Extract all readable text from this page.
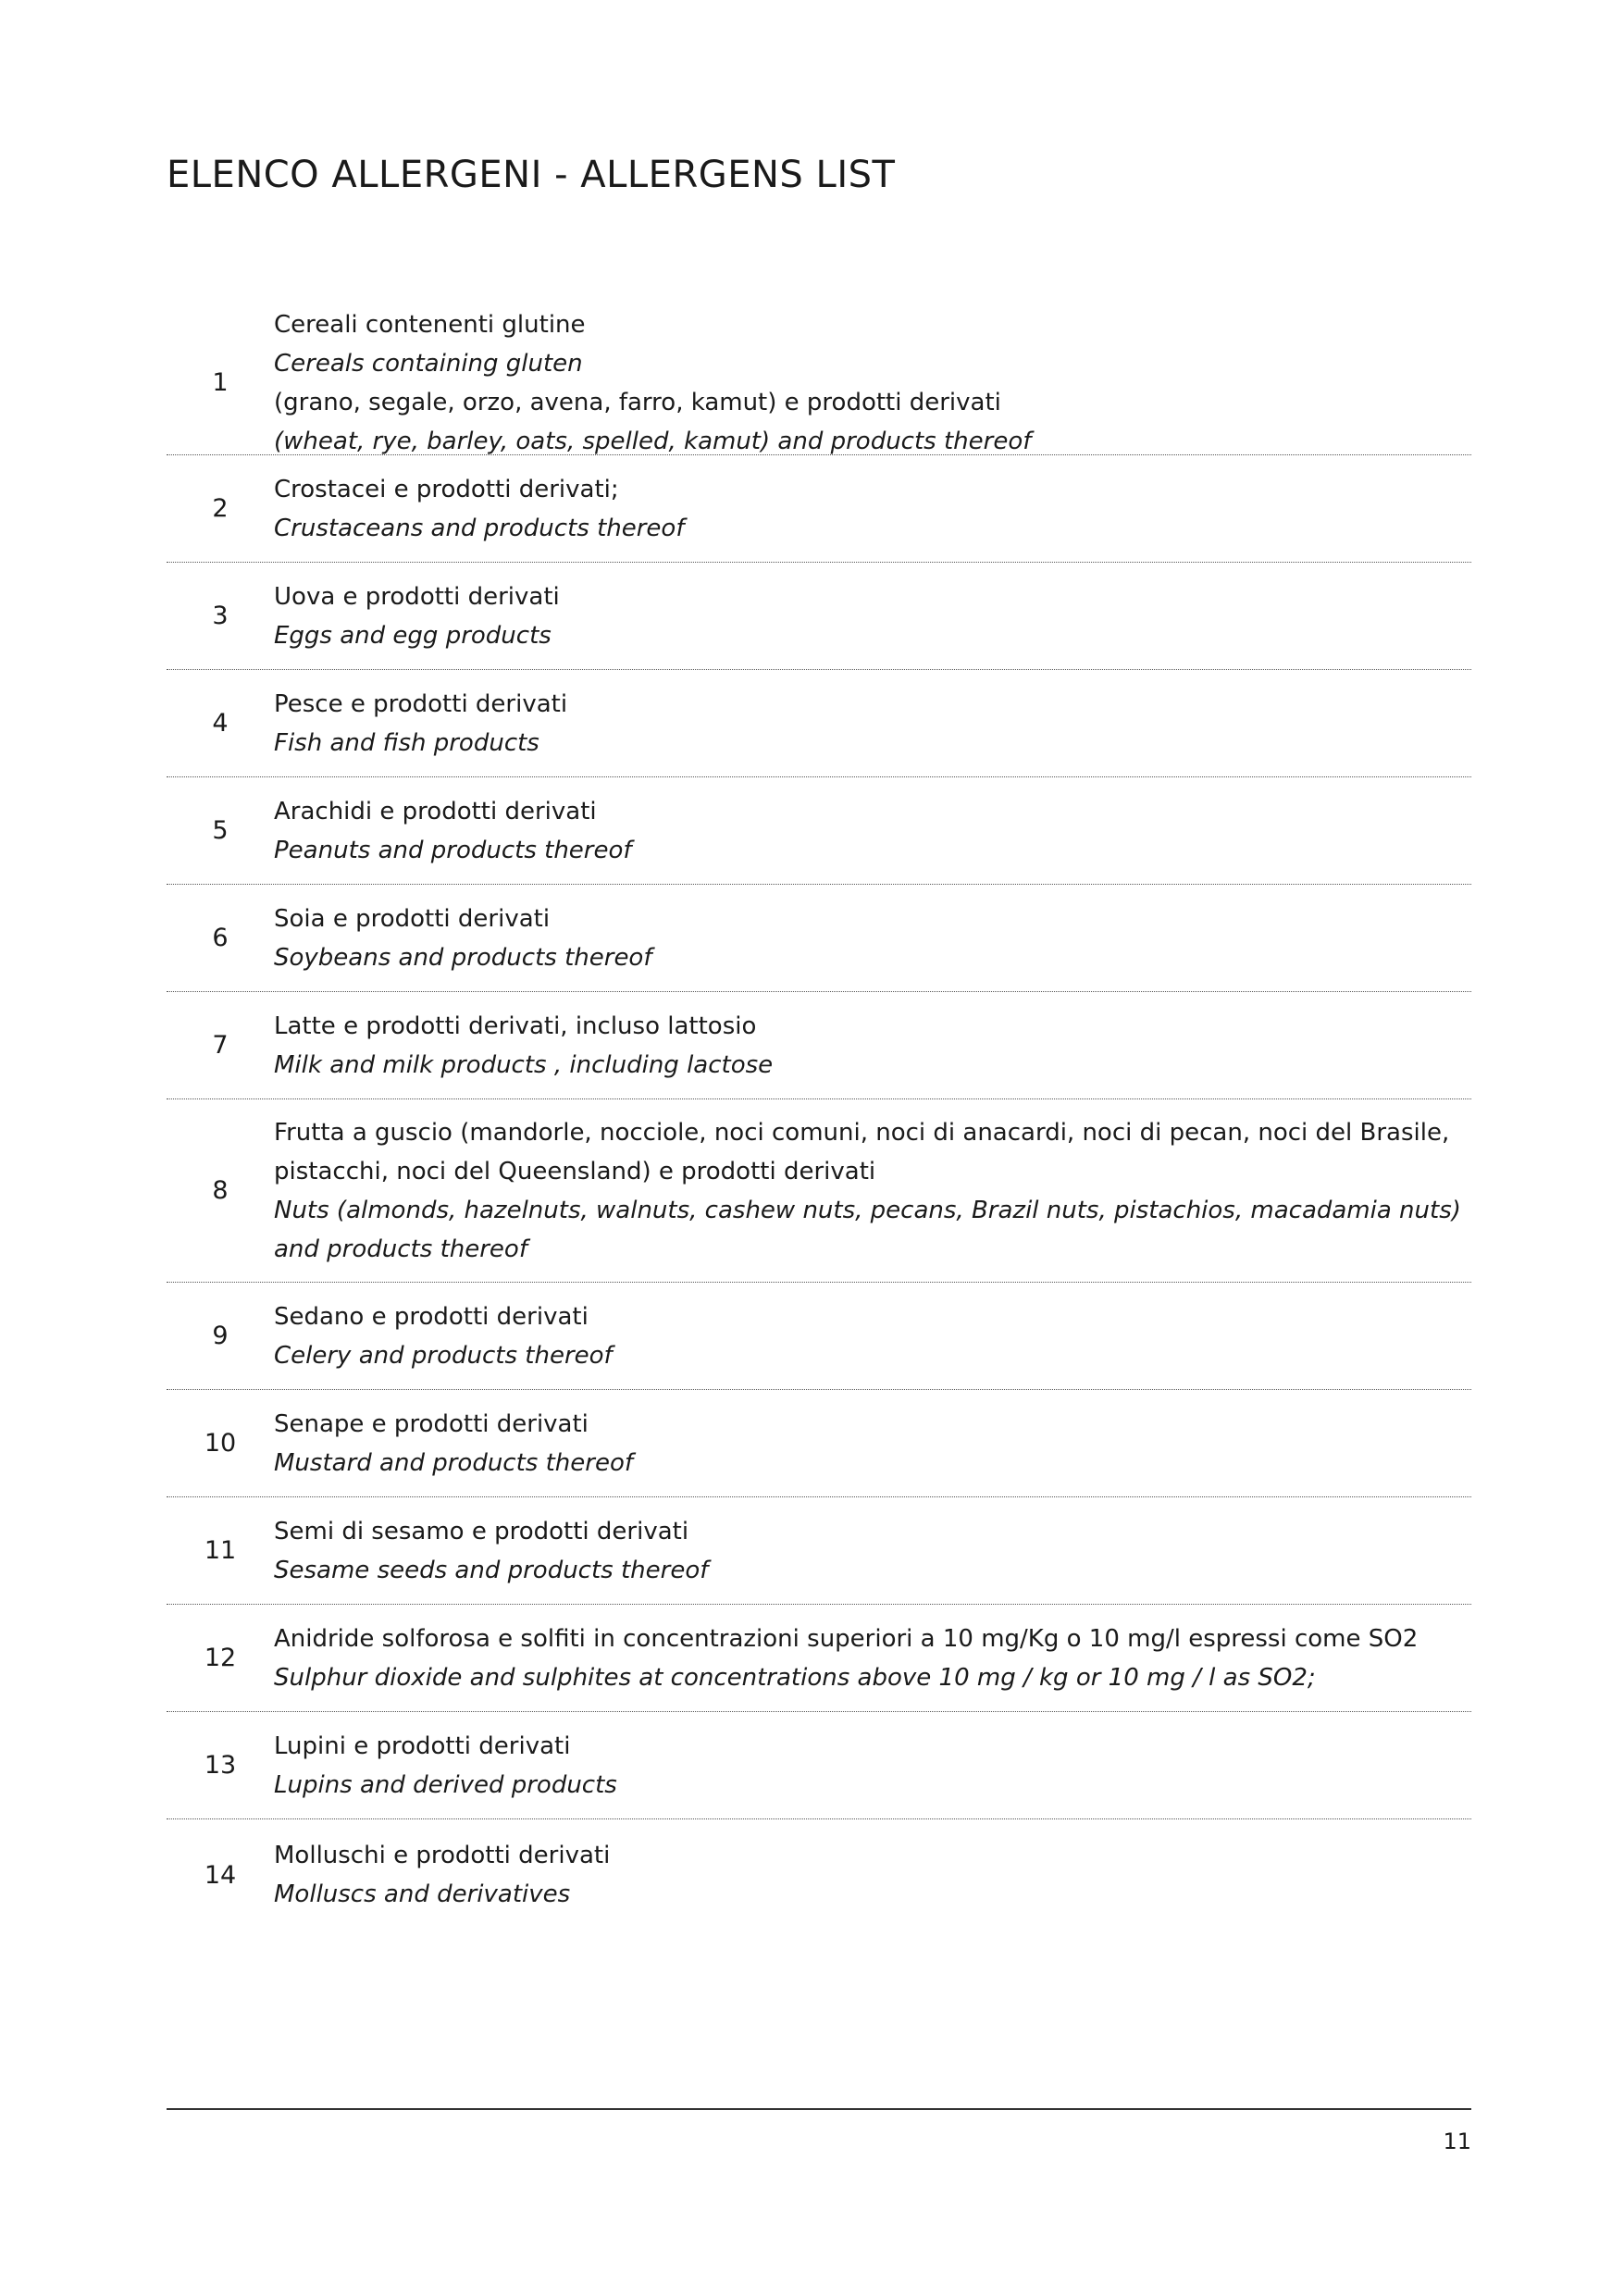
ELENCO ALLERGENI - ALLERGENS LIST
1
Cereali contenenti glutine
Cereals containing gluten
(grano, segale, orzo, avena, farro, kamut) e prodotti derivati
(wheat, rye, barley, oats, spelled, kamut) and products thereof
2
Crostacei e prodotti derivati;
Crustaceans and products thereof
3
Uova e prodotti derivati
Eggs and egg products
4
Pesce e prodotti derivati
Fish and fish products
5
Arachidi e prodotti derivati
Peanuts and products thereof
6
Soia e prodotti derivati
Soybeans and products thereof
7
Latte e prodotti derivati, incluso lattosio
Milk and milk products , including lactose
8
Frutta a guscio (mandorle, nocciole, noci comuni, noci di anacardi, noci di pecan, noci del Brasile,
pistacchi, noci del Queensland) e prodotti derivati
Nuts (almonds, hazelnuts, walnuts, cashew nuts, pecans, Brazil nuts, pistachios, macadamia nuts)
and products thereof
9
Sedano e prodotti derivati
Celery and products thereof
10
Senape e prodotti derivati
Mustard and products thereof
11
Semi di sesamo e prodotti derivati
Sesame seeds and products thereof
12
Anidride solforosa e solfiti in concentrazioni superiori a 10 mg/Kg o 10 mg/l espressi come SO2
Sulphur dioxide and sulphites at concentrations above 10 mg / kg or 10 mg / l as SO2;
13
Lupini e prodotti derivati
Lupins and derived products
14
Molluschi e prodotti derivati
Molluscs and derivatives
11
